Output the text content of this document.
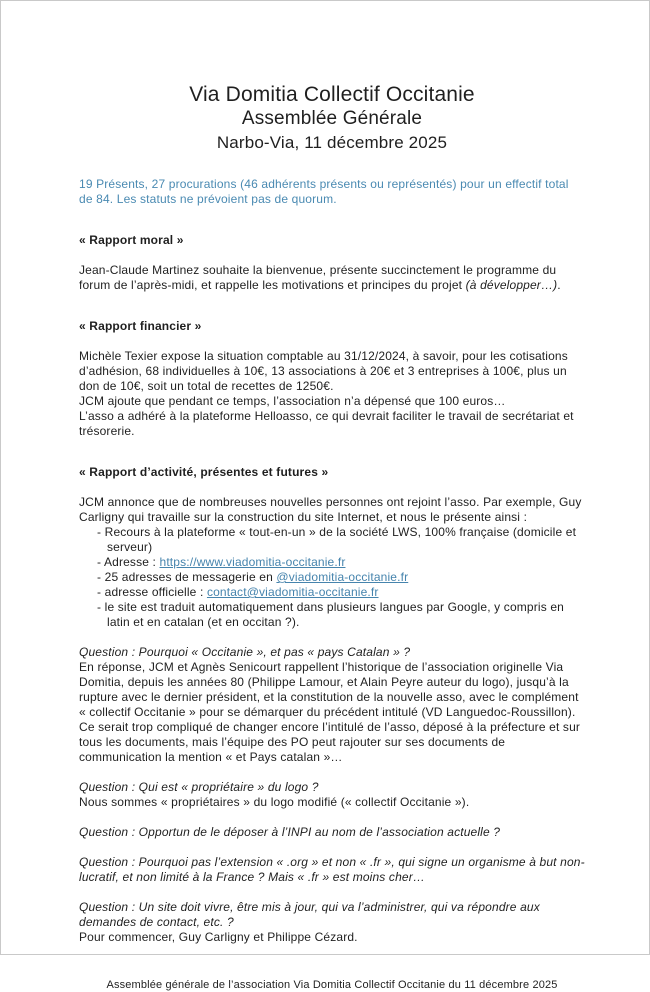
Via Domitia Collectif Occitanie
Assemblée Générale
Narbo-Via, 11 décembre 2025
19 Présents, 27 procurations (46 adhérents présents ou représentés) pour un effectif total de 84. Les statuts ne prévoient pas de quorum.
« Rapport moral »
Jean-Claude Martinez souhaite la bienvenue, présente succinctement le programme du forum de l’après-midi, et rappelle les motivations et principes du projet (à développer…).
« Rapport financier »
Michèle Texier expose la situation comptable au 31/12/2024, à savoir, pour les cotisations d’adhésion, 68 individuelles à 10€, 13 associations à 20€ et 3 entreprises à 100€, plus un don de 10€, soit un total de recettes de 1250€.
JCM ajoute que pendant ce temps, l’association n’a dépensé que 100 euros…
L’asso a adhéré à la plateforme Helloasso, ce qui devrait faciliter le travail de secrétariat et trésorerie.
« Rapport d’activité, présentes et futures »
JCM annonce que de nombreuses nouvelles personnes ont rejoint l’asso. Par exemple, Guy Carligny qui travaille sur la construction du site Internet, et nous le présente ainsi :
- Recours à la plateforme « tout-en-un » de la société LWS, 100% française (domicile et serveur)
- Adresse : https://www.viadomitia-occitanie.fr
- 25 adresses de messagerie en @viadomitia-occitanie.fr
- adresse officielle : contact@viadomitia-occitanie.fr
- le site est traduit automatiquement dans plusieurs langues par Google, y compris en latin et en catalan (et en occitan ?).
Question : Pourquoi « Occitanie », et pas « pays Catalan » ?
En réponse, JCM et Agnès Senicourt rappellent l’historique de l’association originelle Via Domitia, depuis les années 80 (Philippe Lamour, et Alain Peyre auteur du logo), jusqu’à la rupture avec le dernier président, et la constitution de la nouvelle asso, avec le complément « collectif Occitanie » pour se démarquer du précédent intitulé (VD Languedoc-Roussillon).
Ce serait trop compliqué de changer encore l’intitulé de l’asso, déposé à la préfecture et sur tous les documents, mais l’équipe des PO peut rajouter sur ses documents de communication la mention « et Pays catalan »…
Question : Qui est « propriétaire » du logo ?
Nous sommes « propriétaires » du logo modifié (« collectif Occitanie »).
Question : Opportun de le déposer à l’INPI au nom de l’association actuelle ?
Question : Pourquoi pas l’extension « .org » et non « .fr », qui signe un organisme à but non-lucratif, et non limité à la France ? Mais « .fr » est moins cher…
Question : Un site doit vivre, être mis à jour, qui va l’administrer, qui va répondre aux demandes de contact, etc. ?
Pour commencer, Guy Carligny et Philippe Cézard.
Assemblée générale de l’association Via Domitia Collectif Occitanie du 11 décembre 2025
